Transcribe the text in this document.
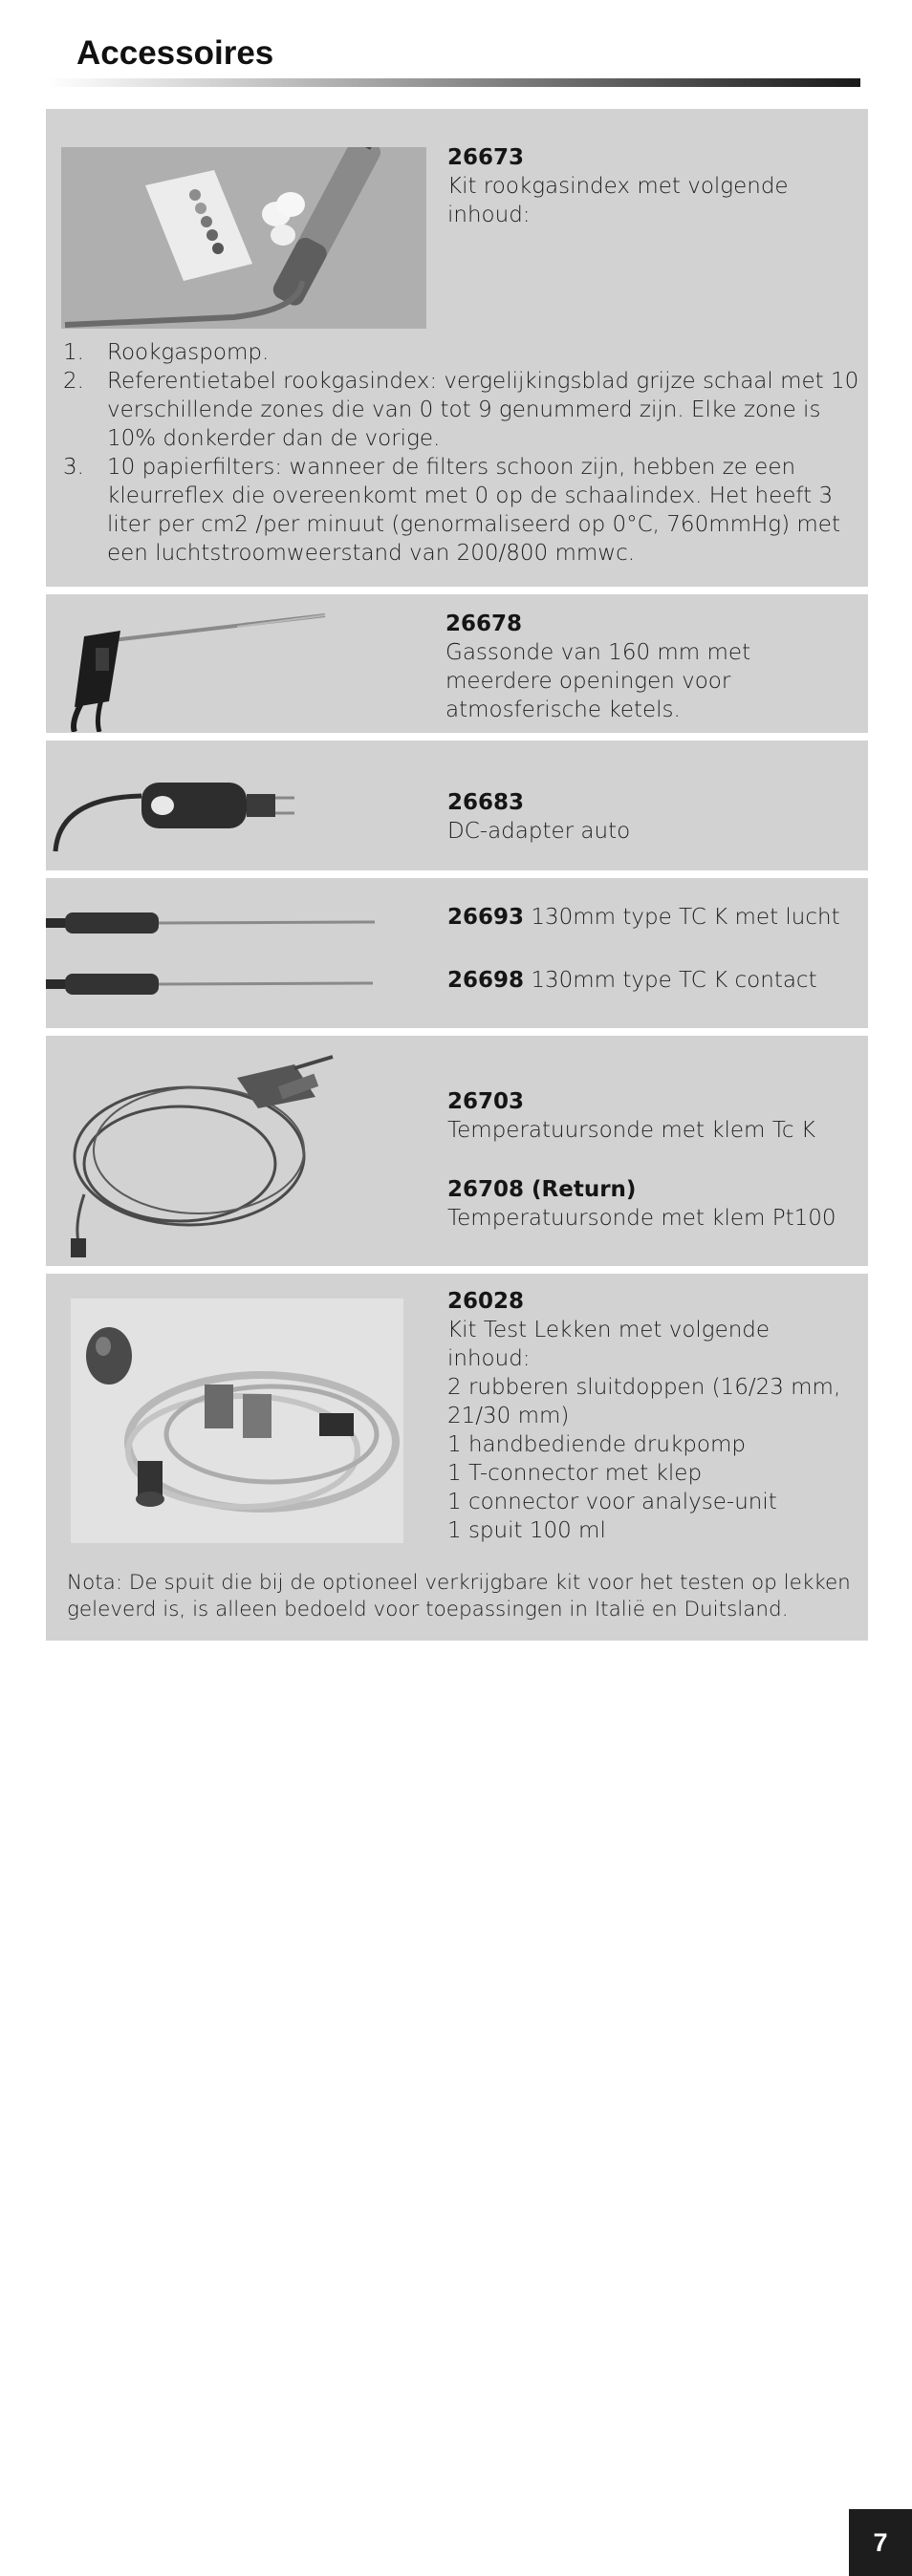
Accessoires
26673
Kit rookgasindex met volgende inhoud:
1. Rookgaspomp.
2. Referentietabel rookgasindex: vergelijkingsblad grijze schaal met 10 verschillende zones die van 0 tot 9 genummerd zijn. Elke zone is 10% donkerder dan de vorige.
3. 10 papierfilters: wanneer de filters schoon zijn, hebben ze een kleurreflex die overeenkomt met 0 op de schaalindex. Het heeft 3 liter per cm2 /per minuut (genormaliseerd op 0°C, 760mmHg) met een luchtstroomweerstand van 200/800 mmwc.
26678
Gassonde van 160 mm met meerdere openingen voor atmosferische ketels.
26683
DC-adapter auto
26693 130mm type TC K met lucht
26698 130mm type TC K contact
26703
Temperatuursonde met klem Tc K
26708 (Return)
Temperatuursonde met klem Pt100
26028
Kit Test Lekken met volgende inhoud:
2 rubberen sluitdoppen (16/23 mm, 21/30 mm)
1 handbediende drukpomp
1 T-connector met klep
1 connector voor analyse-unit
1 spuit 100 ml
Nota: De spuit die bij de optioneel verkrijgbare kit voor het testen op lekken geleverd is, is alleen bedoeld voor toepassingen in Italië en Duitsland.
7
